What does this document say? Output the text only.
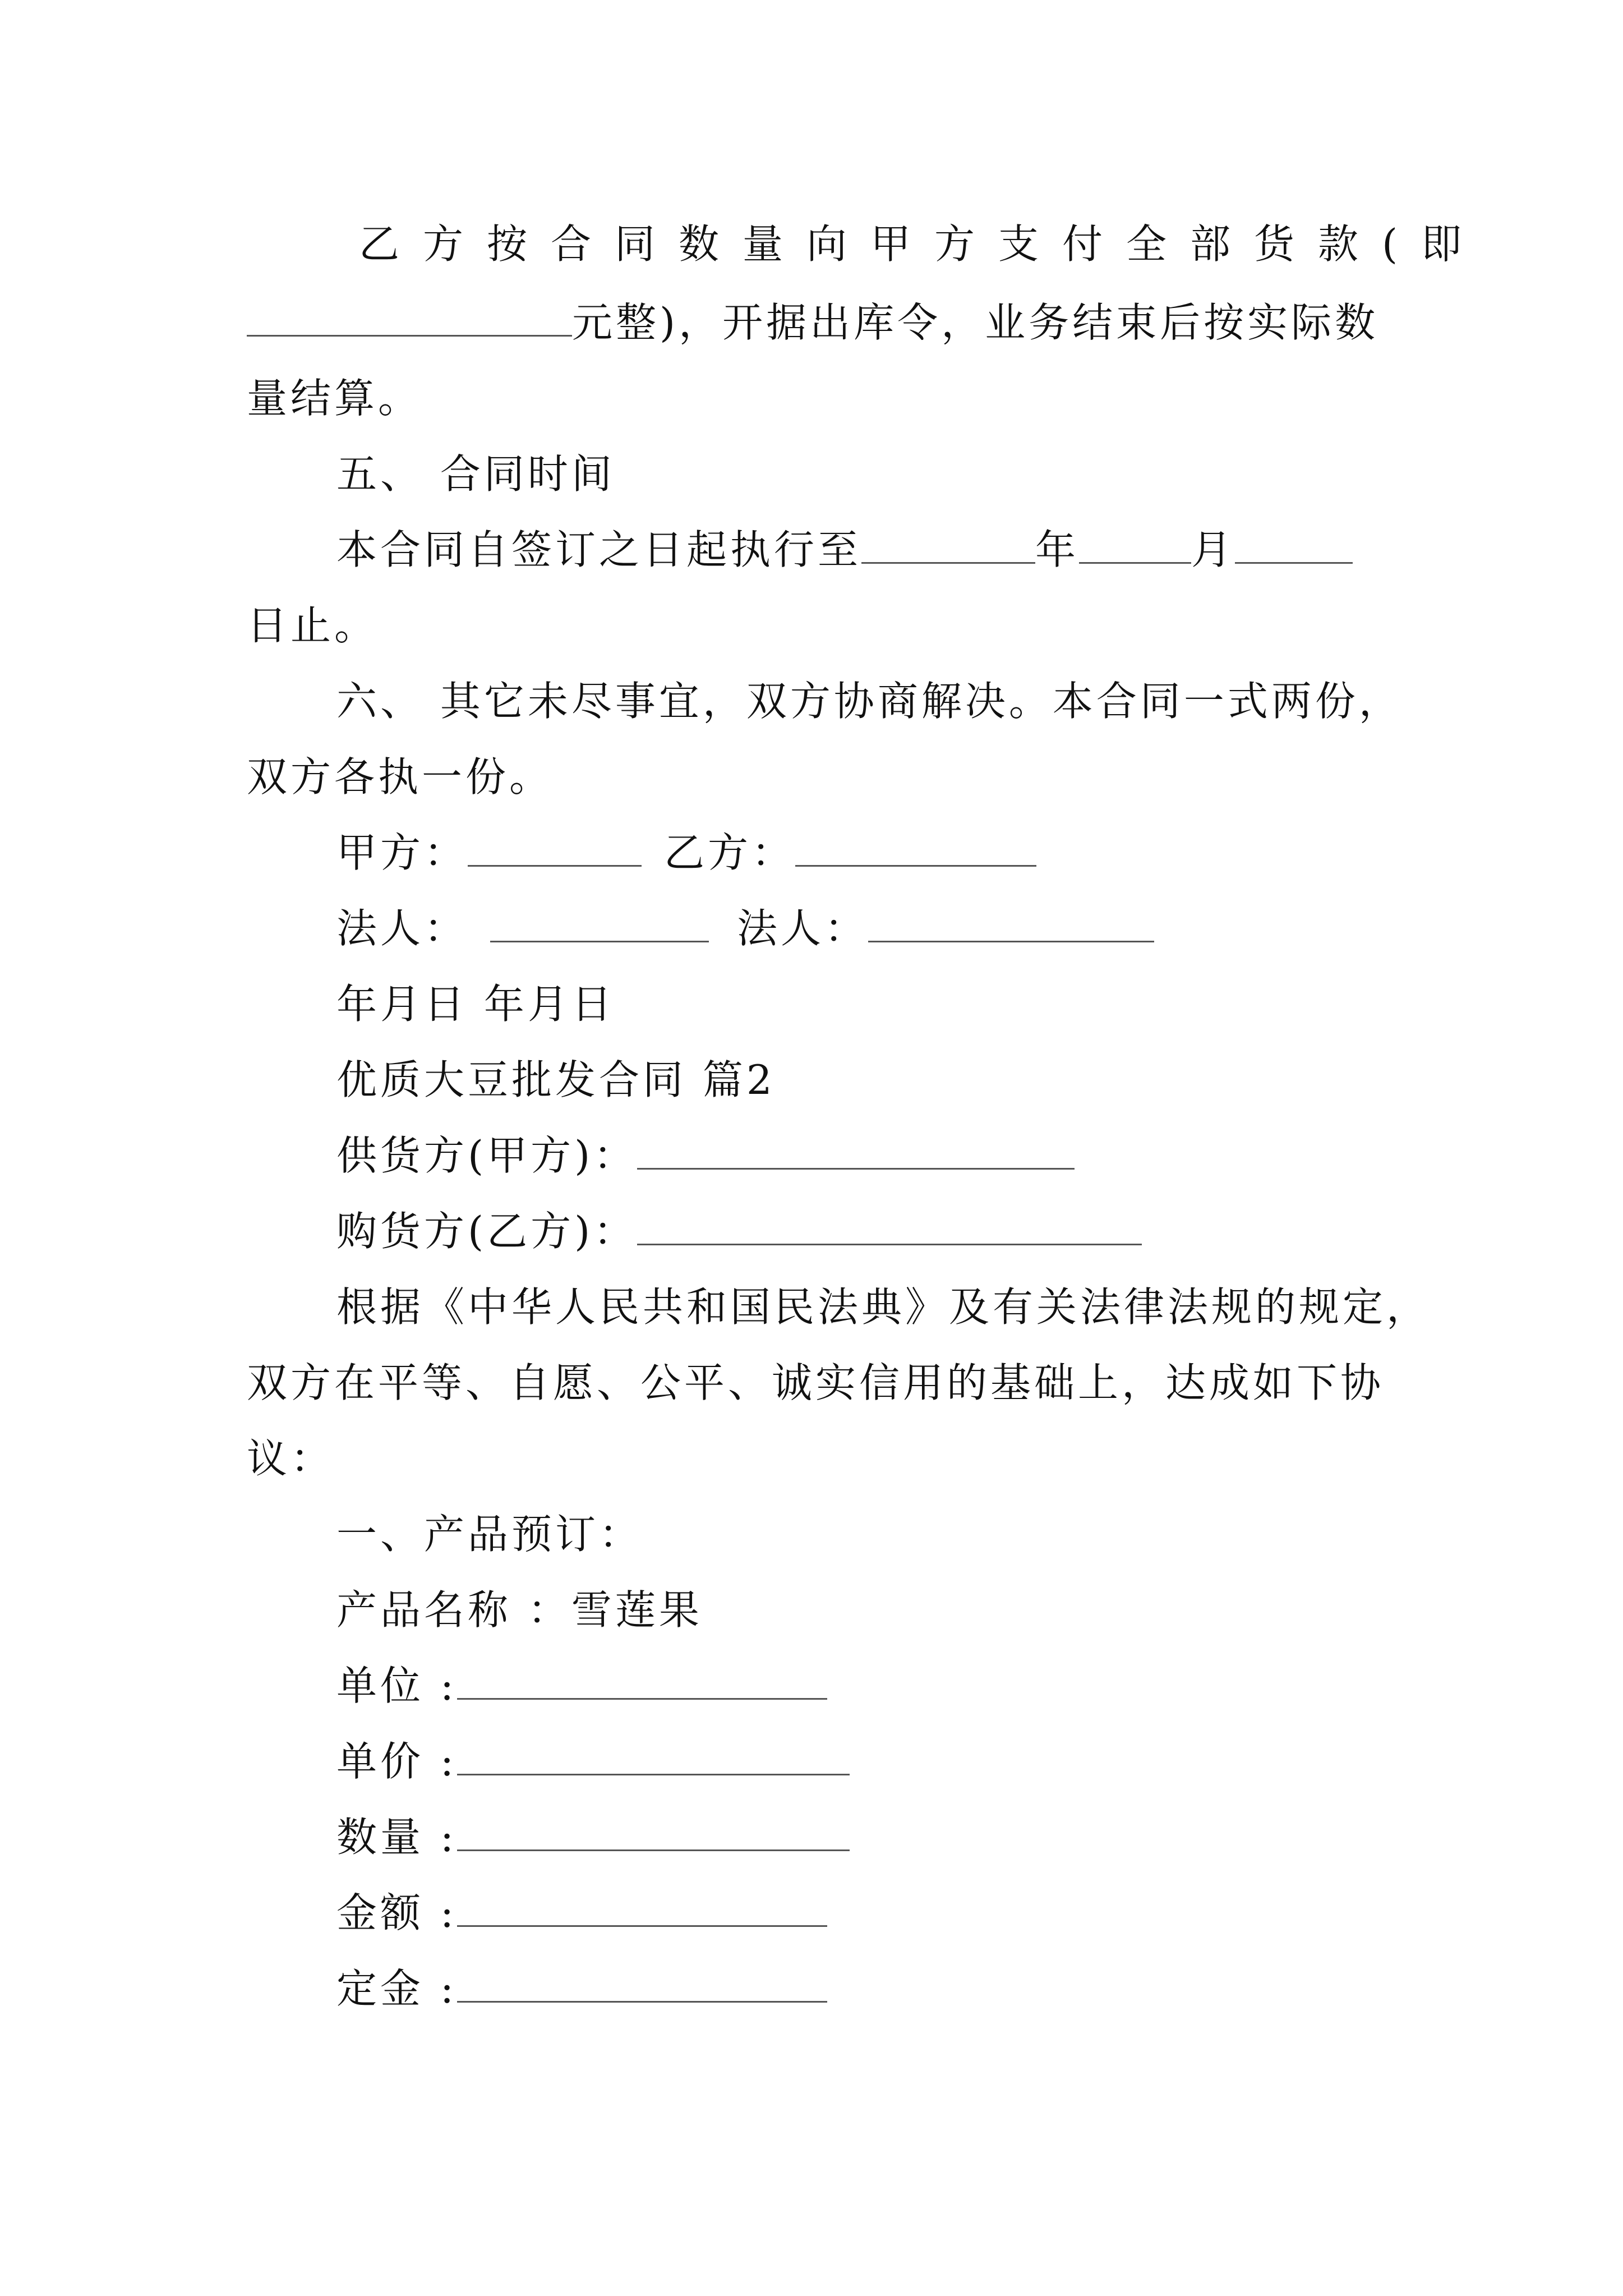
乙方按合同数量向甲方支付全部货款(即
元整)，开据出库令，业务结束后按实际数
量结算。
五、 合同时间
本合同自签订之日起执行至	年	月
日止。
六、 其它未尽事宜，双方协商解决。本合同一式两份，
双方各执一份。
甲方：	乙方：
法人：	法人：
年月日 年月日
优质大豆批发合同 篇2
供货方(甲方)：
购货方(乙方)：
根据《中华人民共和国民法典》及有关法律法规的规定，
双方在平等、自愿、公平、诚实信用的基础上，达成如下协
议：
一、产品预订：
产品名称 ：雪莲果
单位 :
单价 :
数量 :
金额 :
定金 :
